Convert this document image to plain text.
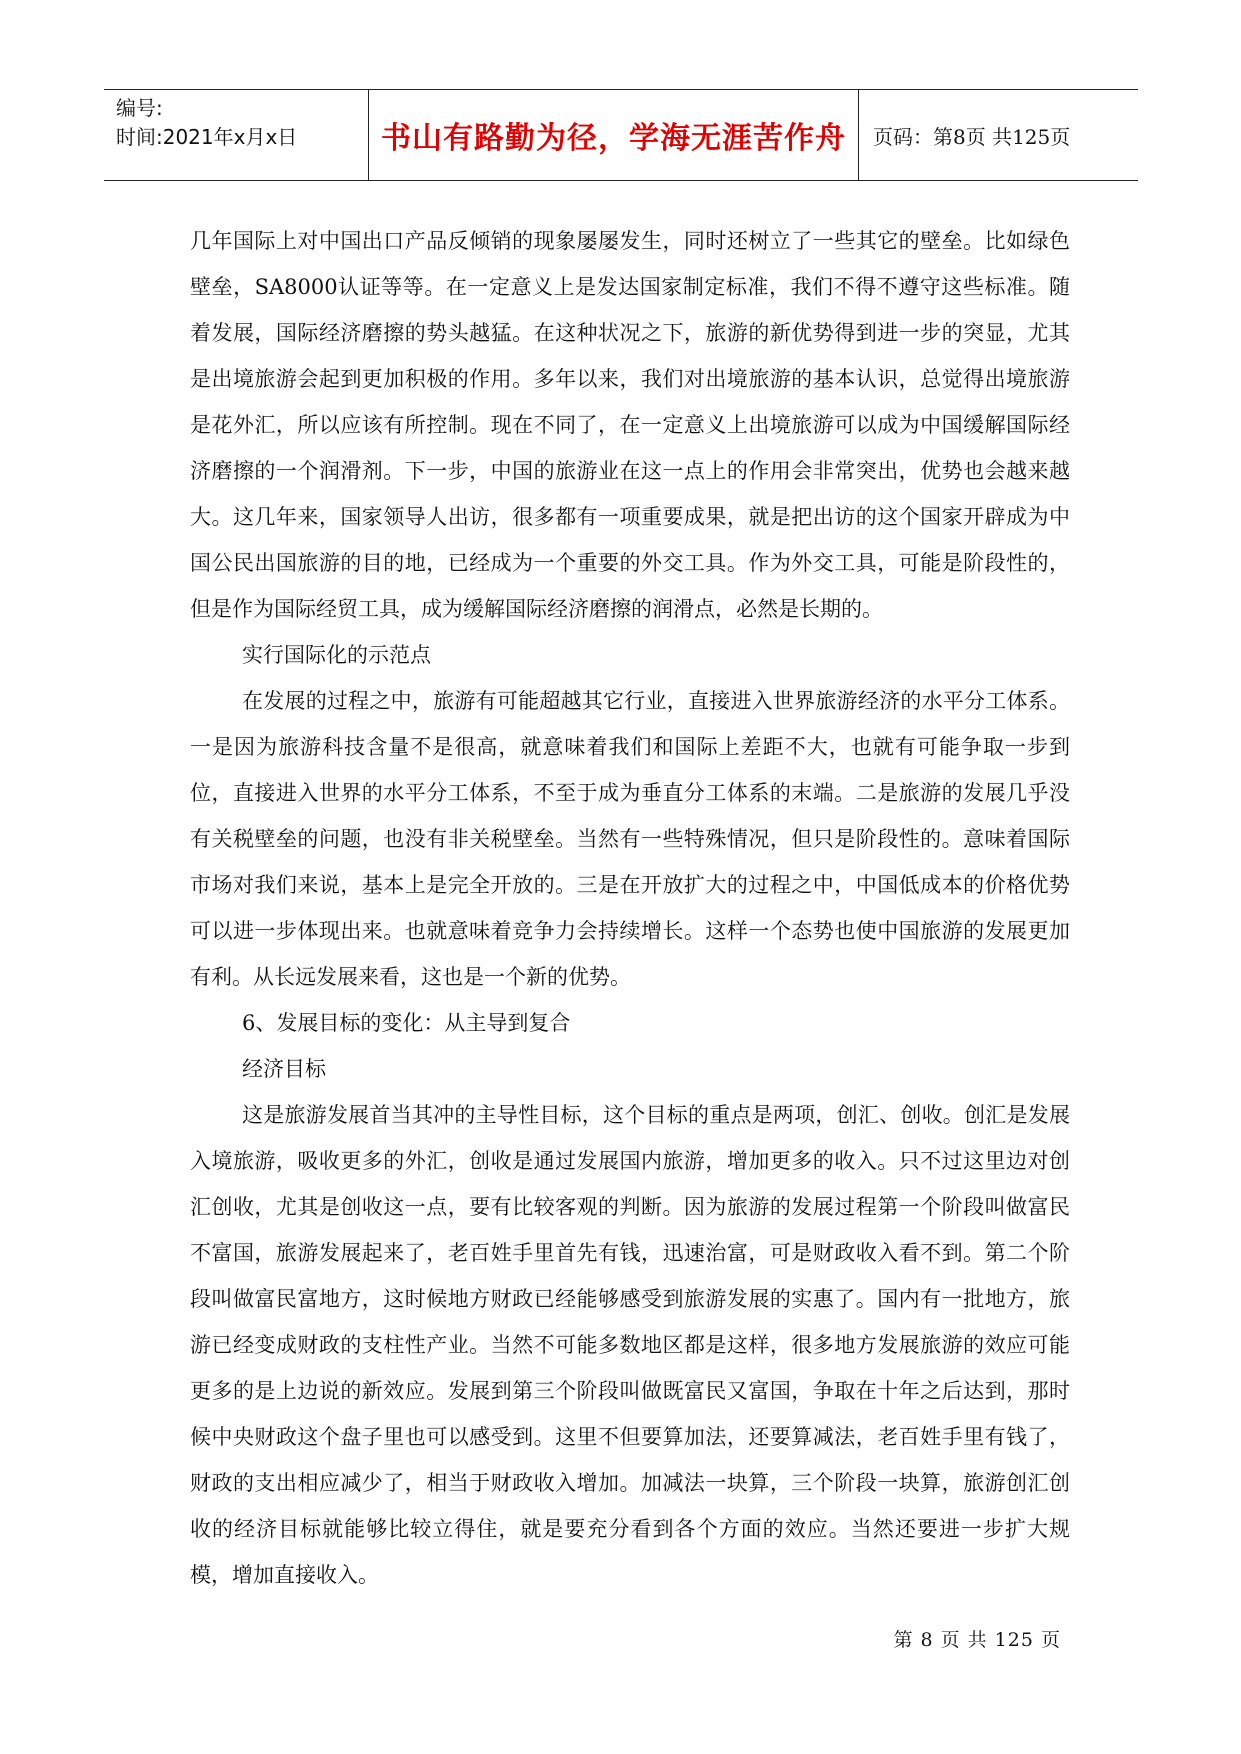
编号:
时间:2021年x月x日	书山有路勤为径，学海无涯苦作舟	页码：第8页 共125页

几年国际上对中国出口产品反倾销的现象屡屡发生，同时还树立了一些其它的壁垒。比如绿色壁垒，SA8000认证等等。在一定意义上是发达国家制定标准，我们不得不遵守这些标准。随着发展，国际经济磨擦的势头越猛。在这种状况之下，旅游的新优势得到进一步的突显，尤其是出境旅游会起到更加积极的作用。多年以来，我们对出境旅游的基本认识，总觉得出境旅游是花外汇，所以应该有所控制。现在不同了，在一定意义上出境旅游可以成为中国缓解国际经济磨擦的一个润滑剂。下一步，中国的旅游业在这一点上的作用会非常突出，优势也会越来越大。这几年来，国家领导人出访，很多都有一项重要成果，就是把出访的这个国家开辟成为中国公民出国旅游的目的地，已经成为一个重要的外交工具。作为外交工具，可能是阶段性的，但是作为国际经贸工具，成为缓解国际经济磨擦的润滑点，必然是长期的。

实行国际化的示范点

在发展的过程之中，旅游有可能超越其它行业，直接进入世界旅游经济的水平分工体系。一是因为旅游科技含量不是很高，就意味着我们和国际上差距不大，也就有可能争取一步到位，直接进入世界的水平分工体系，不至于成为垂直分工体系的末端。二是旅游的发展几乎没有关税壁垒的问题，也没有非关税壁垒。当然有一些特殊情况，但只是阶段性的。意味着国际市场对我们来说，基本上是完全开放的。三是在开放扩大的过程之中，中国低成本的价格优势可以进一步体现出来。也就意味着竞争力会持续增长。这样一个态势也使中国旅游的发展更加有利。从长远发展来看，这也是一个新的优势。

6、发展目标的变化：从主导到复合

经济目标

这是旅游发展首当其冲的主导性目标，这个目标的重点是两项，创汇、创收。创汇是发展入境旅游，吸收更多的外汇，创收是通过发展国内旅游，增加更多的收入。只不过这里边对创汇创收，尤其是创收这一点，要有比较客观的判断。因为旅游的发展过程第一个阶段叫做富民不富国，旅游发展起来了，老百姓手里首先有钱，迅速治富，可是财政收入看不到。第二个阶段叫做富民富地方，这时候地方财政已经能够感受到旅游发展的实惠了。国内有一批地方，旅游已经变成财政的支柱性产业。当然不可能多数地区都是这样，很多地方发展旅游的效应可能更多的是上边说的新效应。发展到第三个阶段叫做既富民又富国，争取在十年之后达到，那时候中央财政这个盘子里也可以感受到。这里不但要算加法，还要算减法，老百姓手里有钱了，财政的支出相应减少了，相当于财政收入增加。加减法一块算，三个阶段一块算，旅游创汇创收的经济目标就能够比较立得住，就是要充分看到各个方面的效应。当然还要进一步扩大规模，增加直接收入。

第 8 页 共 125 页
